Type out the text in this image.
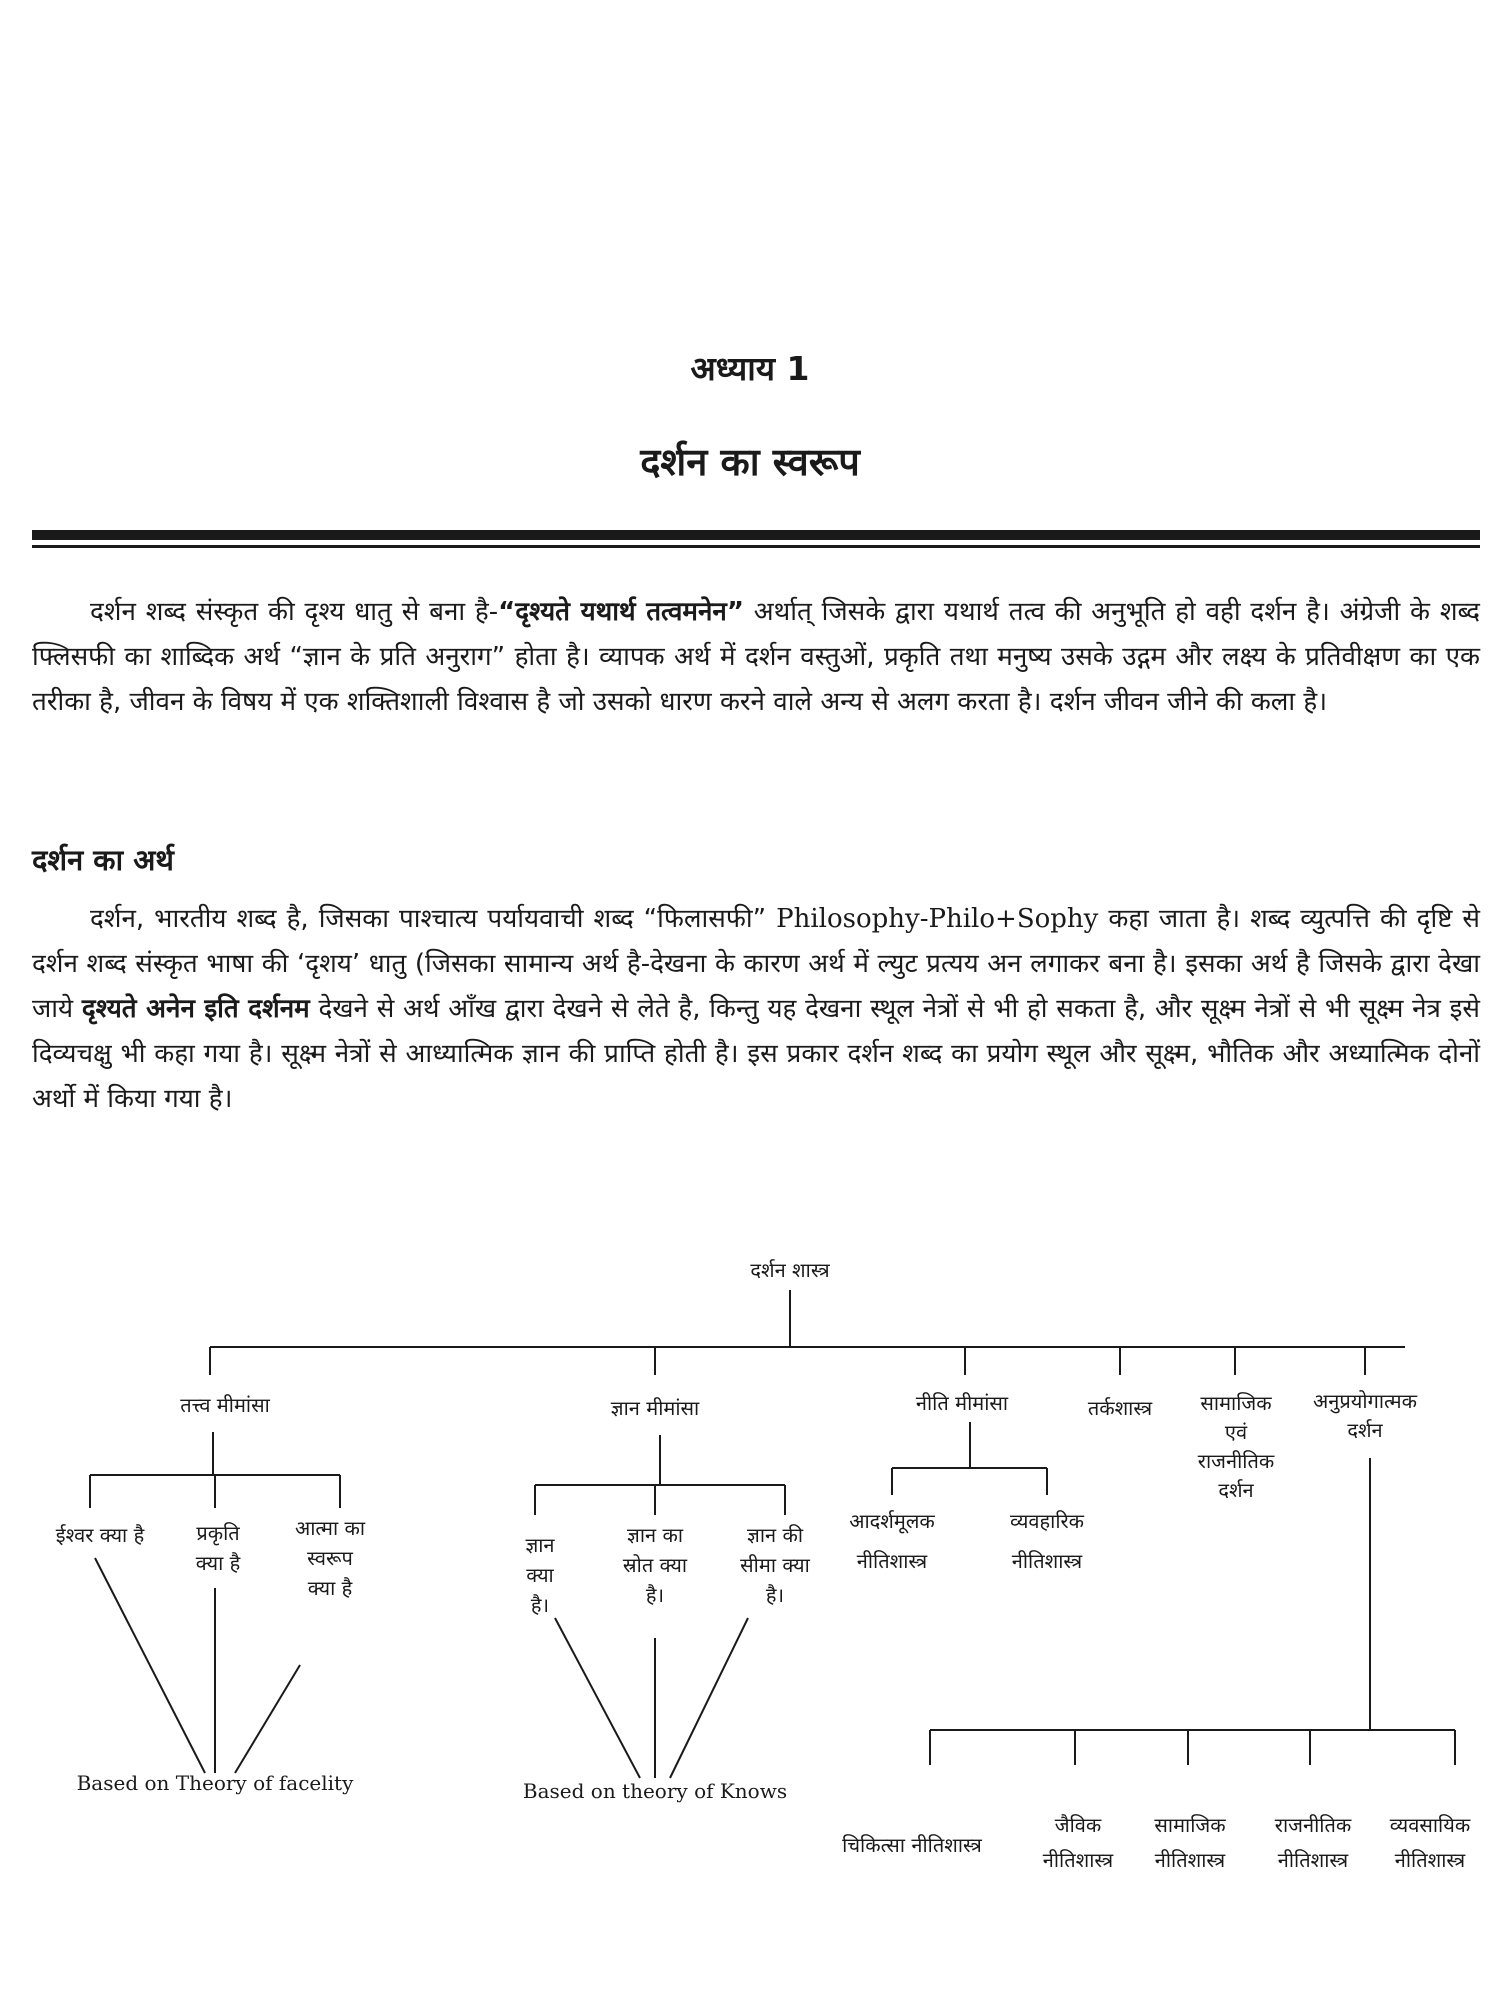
अध्याय 1
दर्शन का स्वरूप

दर्शन शब्द संस्कृत की दृश्य धातु से बना है-“दृश्यते यथार्थ तत्वमनेन” अर्थात् जिसके द्वारा यथार्थ तत्व की अनुभूति हो वही दर्शन है। अंग्रेजी के शब्द फ्लिसफी का शाब्दिक अर्थ “ज्ञान के प्रति अनुराग” होता है। व्यापक अर्थ में दर्शन वस्तुओं, प्रकृति तथा मनुष्य उसके उद्गम और लक्ष्य के प्रतिवीक्षण का एक तरीका है, जीवन के विषय में एक शक्तिशाली विश्वास है जो उसको धारण करने वाले अन्य से अलग करता है। दर्शन जीवन जीने की कला है।

दर्शन का अर्थ

दर्शन, भारतीय शब्द है, जिसका पाश्चात्य पर्यायवाची शब्द “फिलासफी” Philosophy-Philo+Sophy कहा जाता है। शब्द व्युत्पत्ति की दृष्टि से दर्शन शब्द संस्कृत भाषा की ‘दृशय’ धातु (जिसका सामान्य अर्थ है-देखना के कारण अर्थ में ल्युट प्रत्यय अन लगाकर बना है। इसका अर्थ है जिसके द्वारा देखा जाये दृश्यते अनेन इति दर्शनम देखने से अर्थ आँख द्वारा देखने से लेते है, किन्तु यह देखना स्थूल नेत्रों से भी हो सकता है, और सूक्ष्म नेत्रों से भी सूक्ष्म नेत्र इसे दिव्यचक्षु भी कहा गया है। सूक्ष्म नेत्रों से आध्यात्मिक ज्ञान की प्राप्ति होती है। इस प्रकार दर्शन शब्द का प्रयोग स्थूल और सूक्ष्म, भौतिक और अध्यात्मिक दोनों अर्थो में किया गया है।

दर्शन शास्त्र
तत्त्व मीमांसा	ज्ञान मीमांसा	नीति मीमांसा	तर्कशास्त्र सामाजिक
एवं
राजनीतिक
दर्शन
अनुप्रयोगात्मक
दर्शन
ईश्वर क्या है	प्रकृति
क्या है
आत्मा का
स्वरूप
क्या है
Based on Theory of facelity
ज्ञान
क्या
है।
ज्ञान का
स्रोत क्या
है।
ज्ञान की
सीमा क्या
है।
Based on theory of Knows
आदर्शमूलक
नीतिशास्त्र
व्यवहारिक
नीतिशास्त्र
चिकित्सा नीतिशास्त्र
जैविक
नीतिशास्त्र
सामाजिक
नीतिशास्त्र
राजनीतिक
नीतिशास्त्र
व्यवसायिक
नीतिशास्त्र
